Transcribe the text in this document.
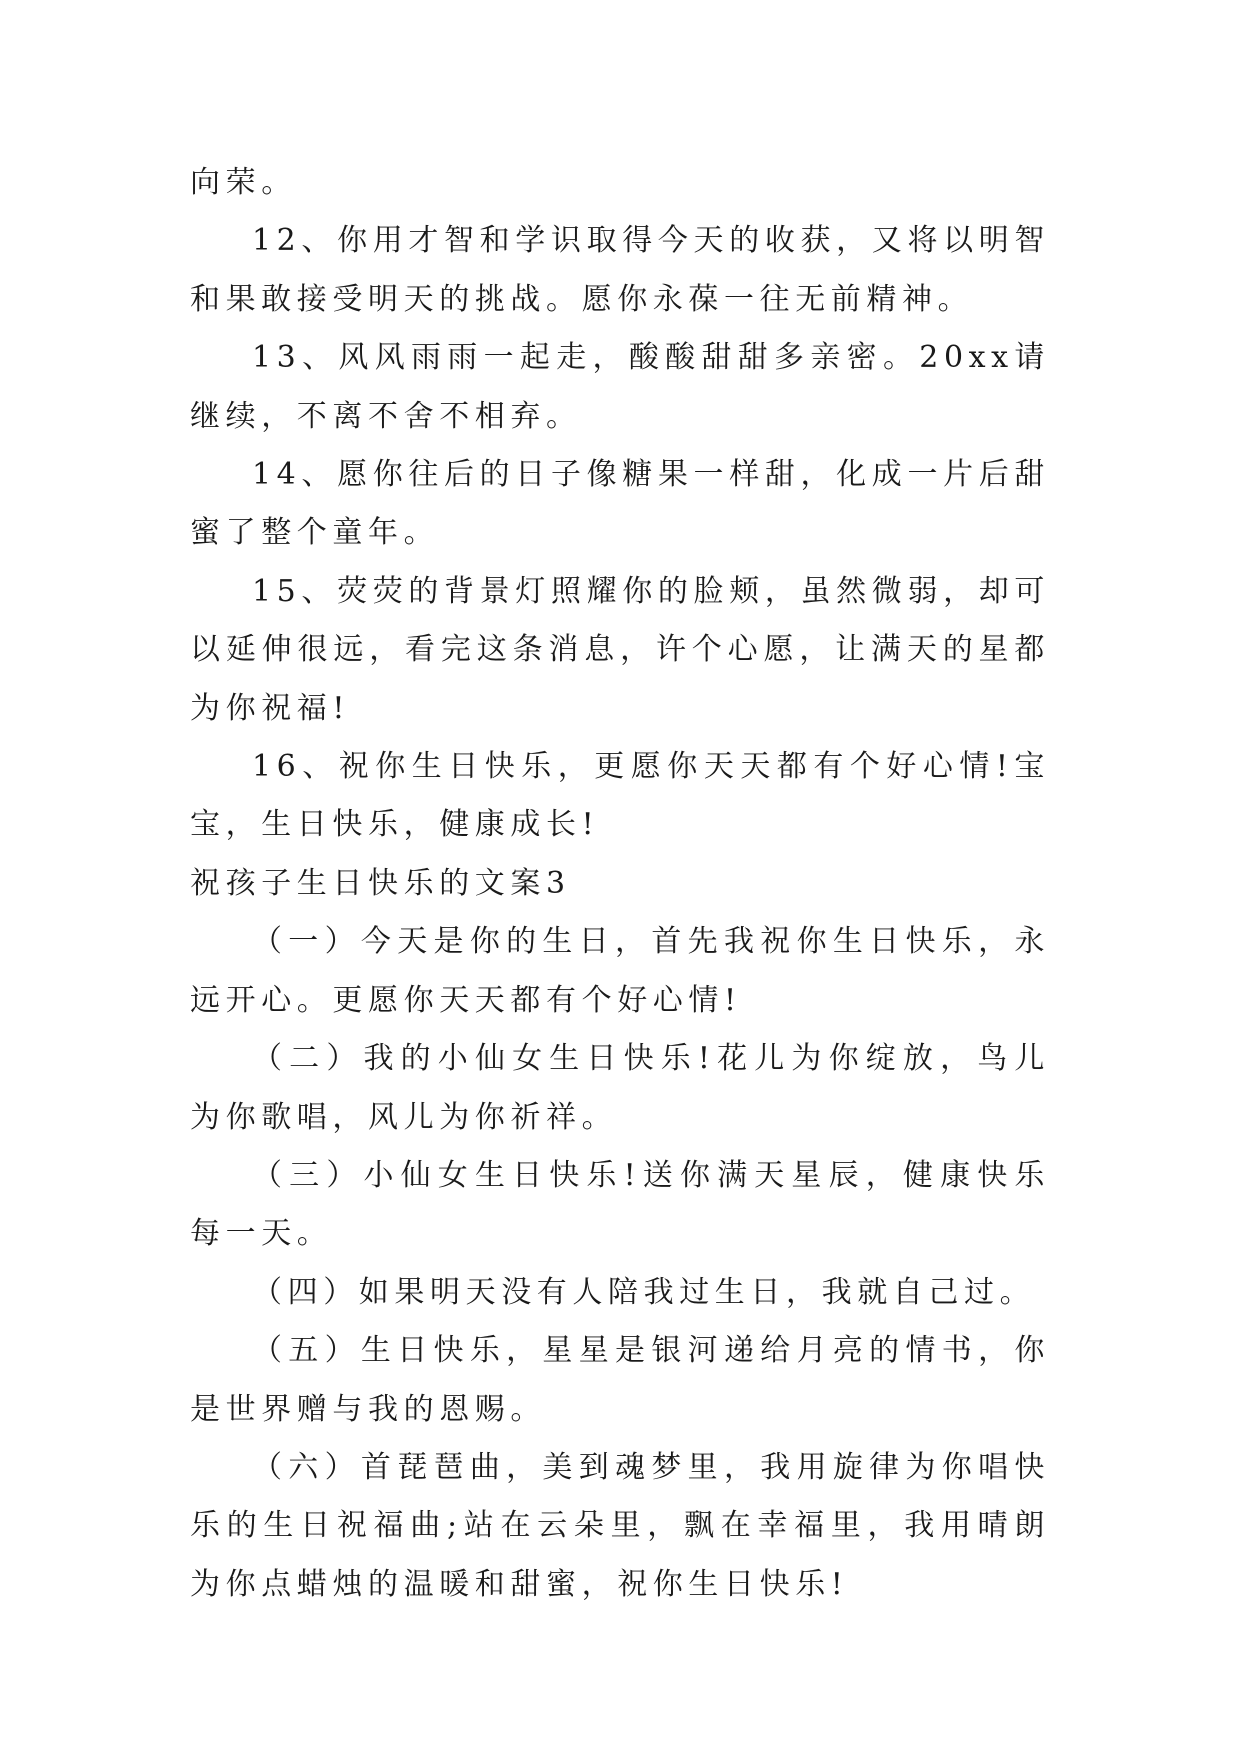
向荣。

12、你用才智和学识取得今天的收获，又将以明智和果敢接受明天的挑战。愿你永葆一往无前精神。

13、风风雨雨一起走，酸酸甜甜多亲密。20xx请继续，不离不舍不相弃。

14、愿你往后的日子像糖果一样甜，化成一片后甜蜜了整个童年。

15、荧荧的背景灯照耀你的脸颊，虽然微弱，却可以延伸很远，看完这条消息，许个心愿，让满天的星都为你祝福!

16、祝你生日快乐，更愿你天天都有个好心情!宝宝，生日快乐，健康成长!

祝孩子生日快乐的文案3

（一）今天是你的生日，首先我祝你生日快乐，永远开心。更愿你天天都有个好心情!

（二）我的小仙女生日快乐!花儿为你绽放，鸟儿为你歌唱，风儿为你祈祥。

（三）小仙女生日快乐!送你满天星辰，健康快乐每一天。

（四）如果明天没有人陪我过生日，我就自己过。

（五）生日快乐，星星是银河递给月亮的情书，你是世界赠与我的恩赐。

（六）首琵琶曲，美到魂梦里，我用旋律为你唱快乐的生日祝福曲;站在云朵里，飘在幸福里，我用晴朗为你点蜡烛的温暖和甜蜜，祝你生日快乐!
